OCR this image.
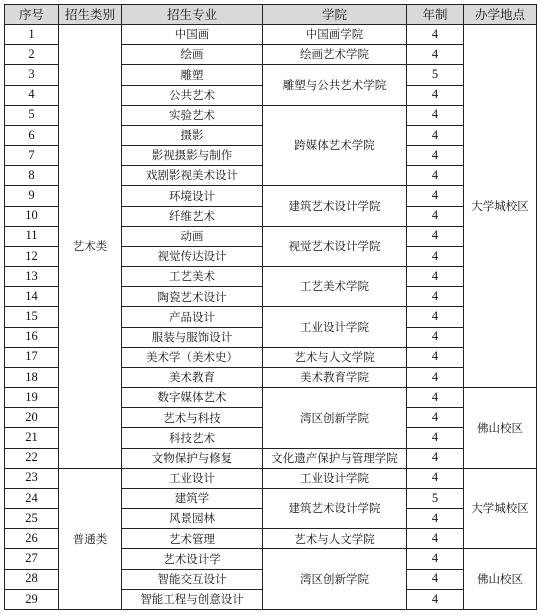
序号	招生类别	招生专业	学院	年制	办学地点
1	艺术类	中国画	中国画学院	4	大学城校区
2		绘画	绘画艺术学院	4	
3		雕塑	雕塑与公共艺术学院	5	
4		公共艺术		4	
5		实验艺术	跨媒体艺术学院	4	
6		摄影		4	
7		影视摄影与制作		4	
8		戏剧影视美术设计		4	
9		环境设计	建筑艺术设计学院	4	
10		纤维艺术		4	
11		动画	视觉艺术设计学院	4	
12		视觉传达设计		4	
13		工艺美术	工艺美术学院	4	
14		陶瓷艺术设计		4	
15		产品设计	工业设计学院	4	
16		服装与服饰设计		4	
17		美术学（美术史）	艺术与人文学院	4	
18		美术教育	美术教育学院	4	
19		数字媒体艺术	湾区创新学院	4	佛山校区
20		艺术与科技		4	
21		科技艺术		4	
22		文物保护与修复	文化遗产保护与管理学院	4	
23	普通类	工业设计	工业设计学院	4	大学城校区
24		建筑学	建筑艺术设计学院	5	
25		风景园林		4	
26		艺术管理	艺术与人文学院	4	
27		艺术设计学	湾区创新学院	4	佛山校区
28		智能交互设计		4	
29		智能工程与创意设计		4	
